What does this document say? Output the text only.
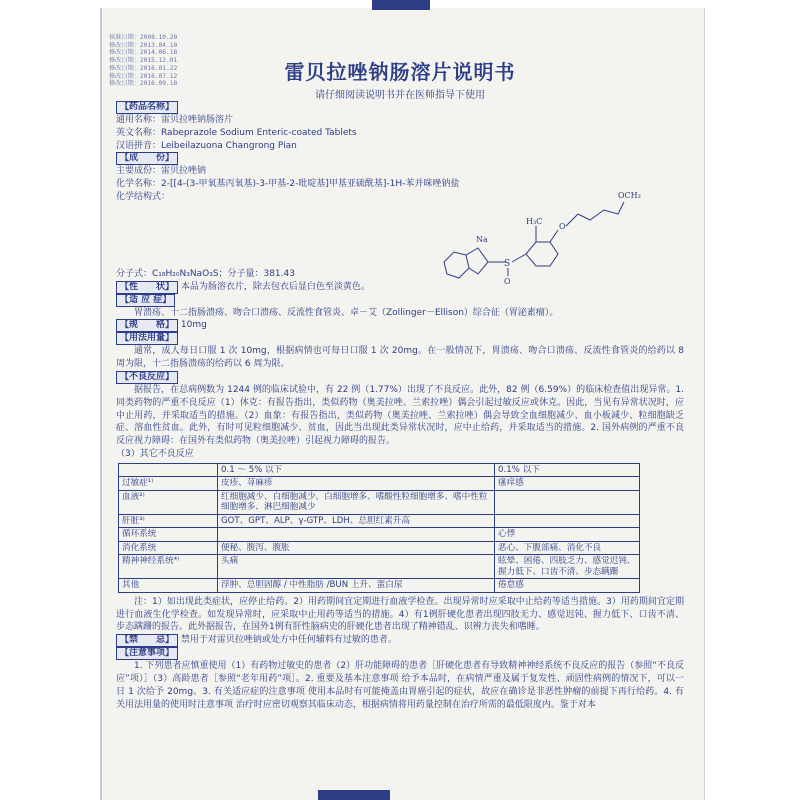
核准日期：2008.10.20
修改日期：2013.04.10
修改日期：2014.06.18
修改日期：2015.12.01
修改日期：2016.01.22
修改日期：2016.07.12
修改日期：2016.09.18	雷贝拉唑钠肠溶片说明书
请仔细阅读说明书并在医师指导下使用
Na
S
O
H₃C
O
OCH₃
【药品名称】
通用名称：雷贝拉唑钠肠溶片
英文名称：Rabeprazole Sodium Enteric-coated Tablets
汉语拼音：Leibeilazuona Changrong Pian
【成　　份】
主要成份：雷贝拉唑钠
化学名称：2-[[4-(3-甲氧基丙氧基)-3-甲基-2-吡啶基]甲基亚硫酰基]-1H-苯并咪唑钠盐
化学结构式：
分子式：C₁₈H₂₀N₃NaO₃S；分子量：381.43
【性　　状】 本品为肠溶衣片，除去包衣后显白色至淡黄色。
【适 应 症】
胃溃疡、十二指肠溃疡、吻合口溃疡、反流性食管炎、卓－艾（Zollinger－Ellison）综合征（胃泌素瘤）。
【规　　格】 10mg
【用法用量】
通常，成人每日口服 1 次 10mg，根据病情也可每日口服 1 次 20mg。在一般情况下，胃溃疡、吻合口溃疡、反流性食管炎的给药以 8 周为限，十二指肠溃疡的给药以 6 周为限。
【不良反应】
据报告，在总病例数为 1244 例的临床试验中，有 22 例（1.77%）出现了不良反应。此外，82 例（6.59%）的临床检查值出现异常。1. 同类药物的严重不良反应（1）休克：有报告指出，类似药物（奥美拉唑、兰索拉唑）偶会引起过敏反应或休克。因此，当见有异常状况时，应中止用药，并采取适当的措施。（2）血象：有报告指出，类似药物（奥美拉唑、兰索拉唑）偶会导致全血细胞减少、血小板减少、粒细胞缺乏症、溶血性贫血。此外，有时可见粒细胞减少、贫血，因此当出现此类异常状况时，应中止给药，并采取适当的措施。2. 国外病例的严重不良反应视力障碍：在国外有类似药物（奥美拉唑）引起视力障碍的报告。
（3）其它不良反应
	0.1 ～ 5% 以下	0.1% 以下
过敏症¹⁾	皮疹、荨麻疹	瘙痒感
血液²⁾	红细胞减少、白细胞减少、白细胞增多、嗜酸性粒细胞增多、嗜中性粒细胞增多、淋巴细胞减少	
肝脏³⁾	GOT、GPT、ALP、γ-GTP、LDH、总胆红素升高	
循环系统		心悸
消化系统	便秘、腹泻、腹胀	恶心、下腹部痛、消化不良
精神神经系统⁴⁾	头痛	眩晕、困倦、四肢乏力、感觉迟钝、握力低下、口齿不清、步态蹒跚
其他	浮肿、总胆固醇 / 中性脂肪 /BUN 上升、蛋白尿	倦怠感
注：1）如出现此类症状，应停止给药。2）用药期间宜定期进行血液学检查。出现异常时应采取中止给药等适当措施。3）用药期间宜定期进行血液生化学检查。如发现异常时，应采取中止用药等适当的措施。4）有1例肝硬化患者出现四肢无力、感觉迟钝、握力低下、口齿不清、步态蹒跚的报告。此外据报告，在国外1例有肝性脑病史的肝硬化患者出现了精神错乱、识辨力丧失和嗜睡。
【禁　　忌】 禁用于对雷贝拉唑钠或处方中任何辅料有过敏的患者。
【注意事项】
1. 下列患者应慎重使用（1）有药物过敏史的患者（2）肝功能障碍的患者［肝硬化患者有导致精神神经系统不良反应的报告（参照“不良反应”项）］（3）高龄患者［参照“老年用药”项］。2. 重要及基本注意事项 给予本品时，在病情严重及属于复发性、顽固性病例的情况下，可以一日 1 次给予 20mg。3. 有关适应症的注意事项 使用本品时有可能掩盖由胃癌引起的症状，故应在确诊是非恶性肿瘤的前提下再行给药。4. 有关用法用量的使用时注意事项 治疗时应密切观察其临床动态，根据病情将用药量控制在治疗所需的最低限度内。鉴于对本
